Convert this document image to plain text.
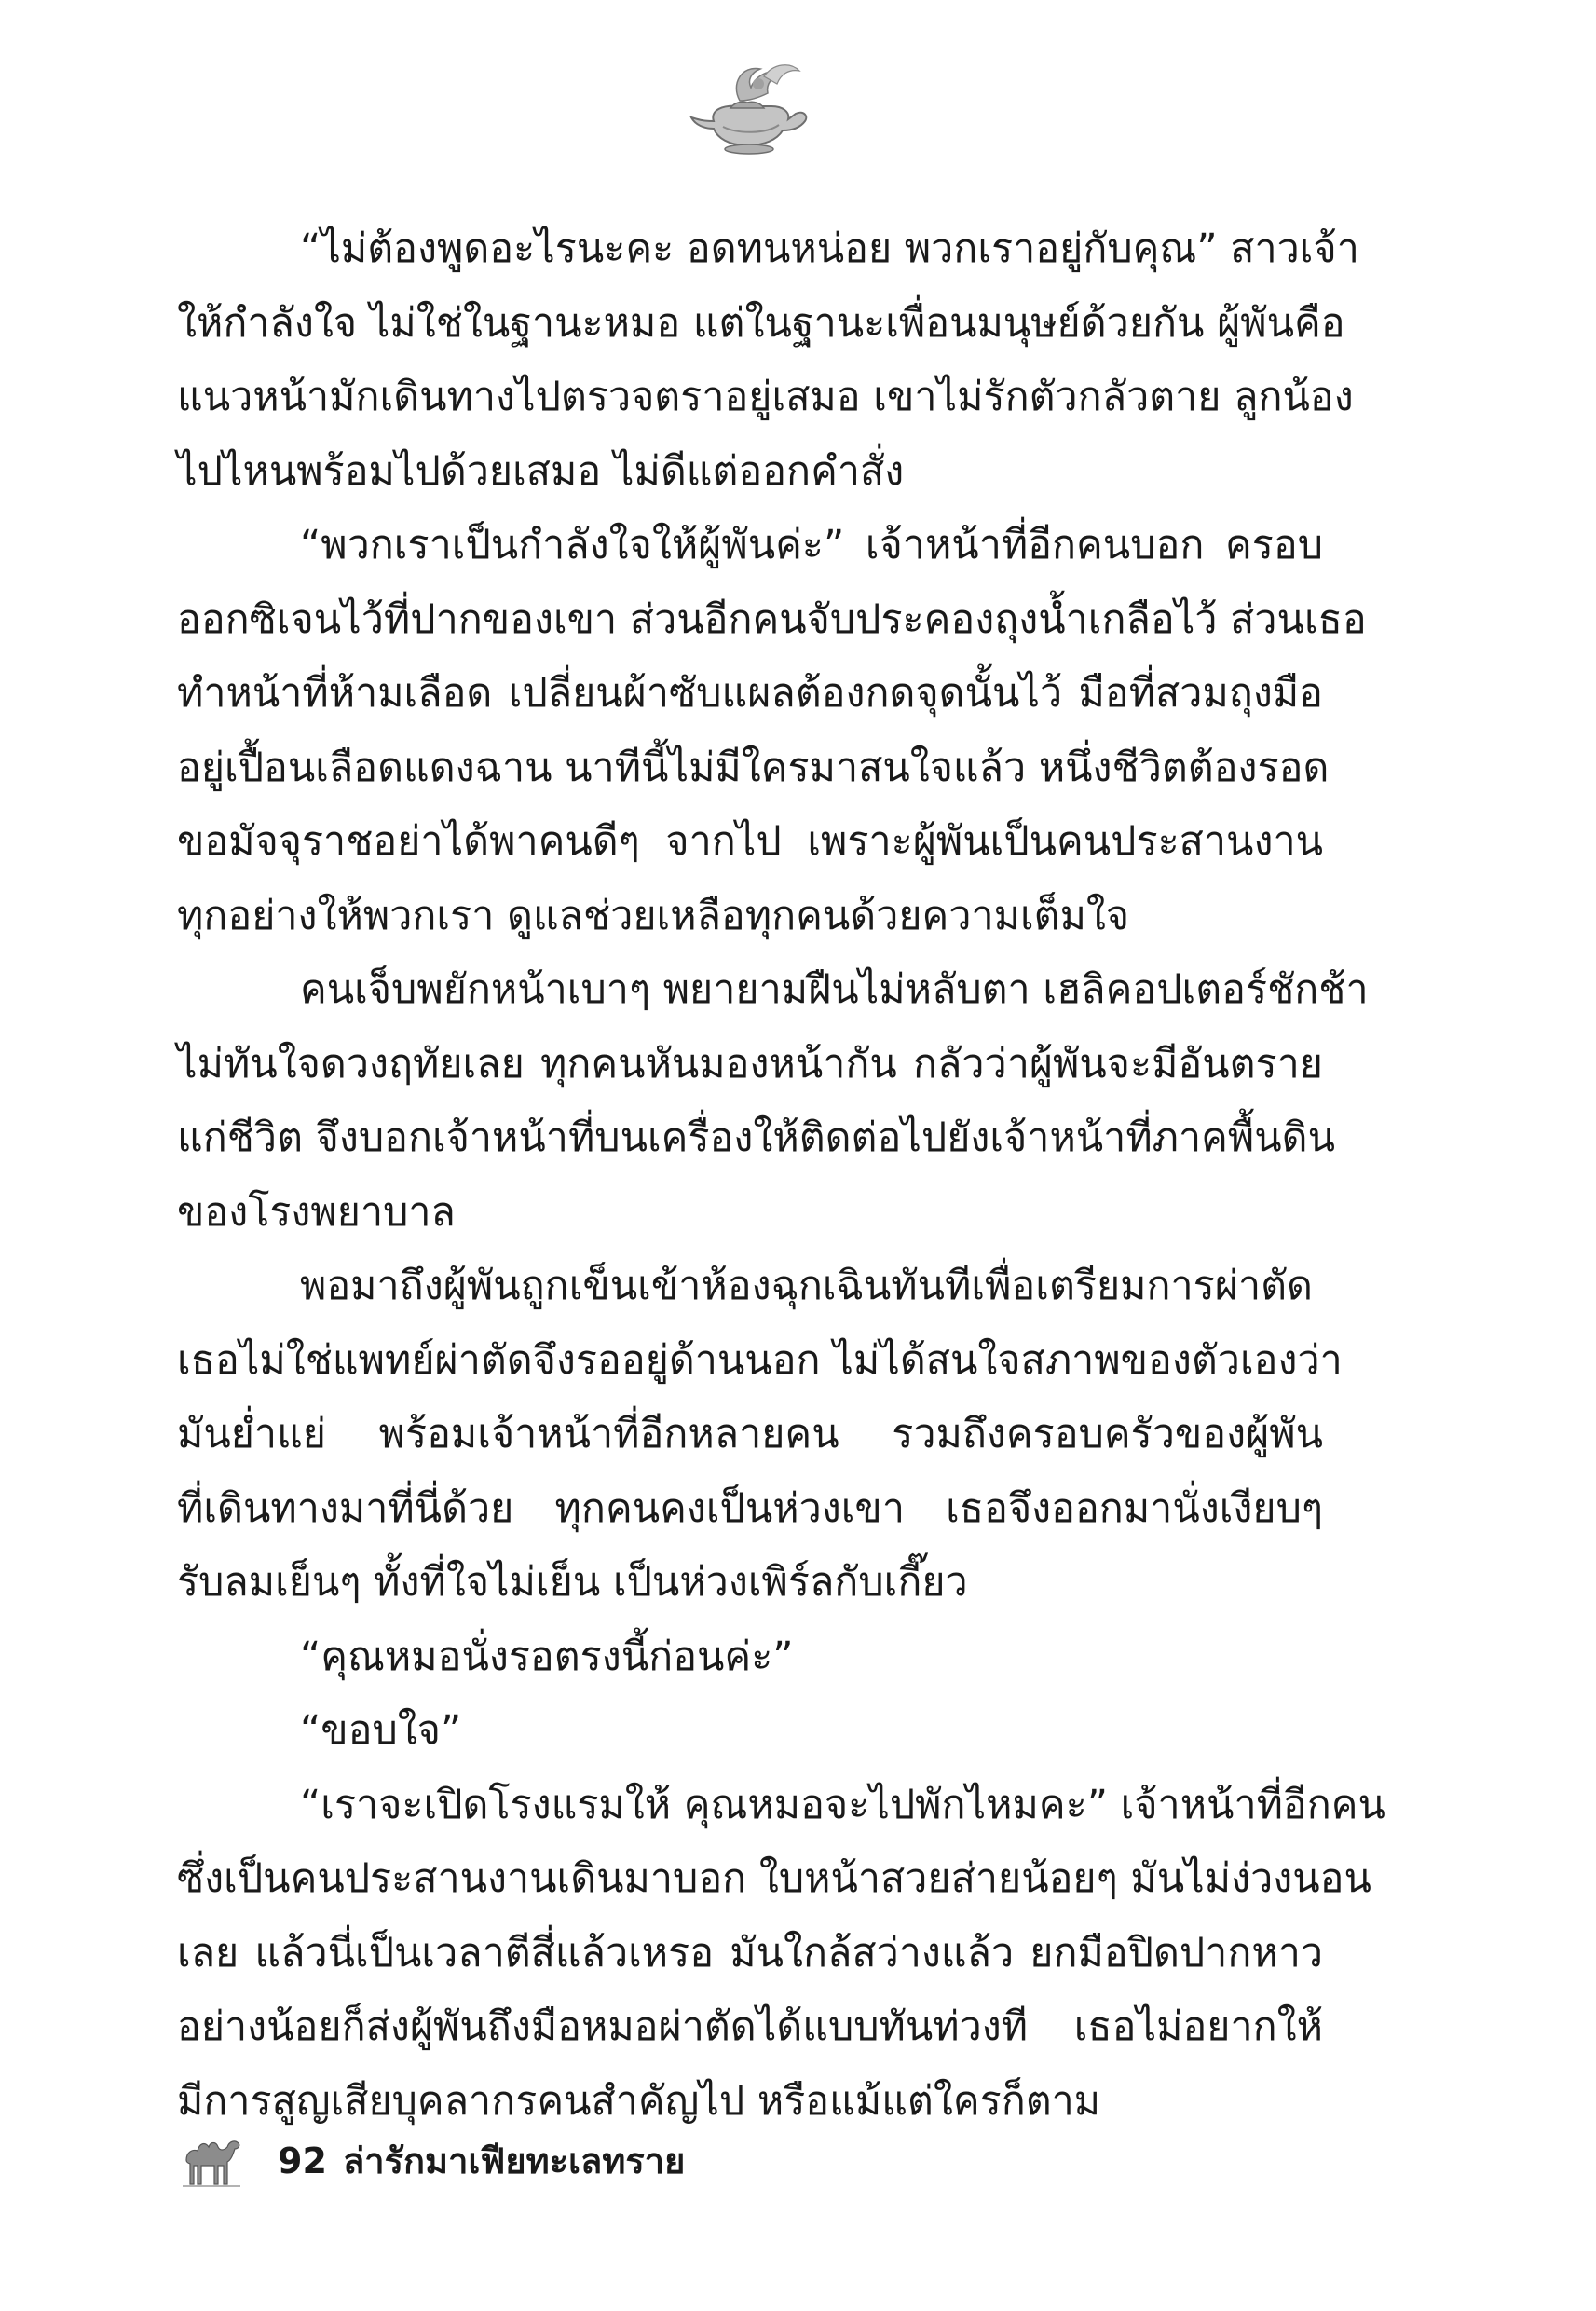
“ไม่ต้องพูดอะไรนะคะ อดทนหน่อย พวกเราอยู่กับคุณ” สาวเจ้า
ให้กำลังใจ ไม่ใช่ในฐานะหมอ แต่ในฐานะเพื่อนมนุษย์ด้วยกัน ผู้พันคือ
แนวหน้ามักเดินทางไปตรวจตราอยู่เสมอ เขาไม่รักตัวกลัวตาย ลูกน้อง
ไปไหนพร้อมไปด้วยเสมอ ไม่ดีแต่ออกคำสั่ง
“พวกเราเป็นกำลังใจให้ผู้พันค่ะ” เจ้าหน้าที่อีกคนบอก ครอบ
ออกซิเจนไว้ที่ปากของเขา ส่วนอีกคนจับประคองถุงน้ำเกลือไว้ ส่วนเธอ
ทำหน้าที่ห้ามเลือด เปลี่ยนผ้าซับแผลต้องกดจุดนั้นไว้ มือที่สวมถุงมือ
อยู่เปื้อนเลือดแดงฉาน นาทีนี้ไม่มีใครมาสนใจแล้ว หนึ่งชีวิตต้องรอด
ขอมัจจุราชอย่าได้พาคนดีๆ จากไป เพราะผู้พันเป็นคนประสานงาน
ทุกอย่างให้พวกเรา ดูแลช่วยเหลือทุกคนด้วยความเต็มใจ
คนเจ็บพยักหน้าเบาๆ พยายามฝืนไม่หลับตา เฮลิคอปเตอร์ชักช้า
ไม่ทันใจดวงฤทัยเลย ทุกคนหันมองหน้ากัน กลัวว่าผู้พันจะมีอันตราย
แก่ชีวิต จึงบอกเจ้าหน้าที่บนเครื่องให้ติดต่อไปยังเจ้าหน้าที่ภาคพื้นดิน
ของโรงพยาบาล
พอมาถึงผู้พันถูกเข็นเข้าห้องฉุกเฉินทันทีเพื่อเตรียมการผ่าตัด
เธอไม่ใช่แพทย์ผ่าตัดจึงรออยู่ด้านนอก ไม่ได้สนใจสภาพของตัวเองว่า
มันย่ำแย่ พร้อมเจ้าหน้าที่อีกหลายคน รวมถึงครอบครัวของผู้พัน
ที่เดินทางมาที่นี่ด้วย ทุกคนคงเป็นห่วงเขา เธอจึงออกมานั่งเงียบๆ
รับลมเย็นๆ ทั้งที่ใจไม่เย็น เป็นห่วงเพิร์ลกับเกี๊ยว
“คุณหมอนั่งรอตรงนี้ก่อนค่ะ”
“ขอบใจ”
“เราจะเปิดโรงแรมให้ คุณหมอจะไปพักไหมคะ” เจ้าหน้าที่อีกคน
ซึ่งเป็นคนประสานงานเดินมาบอก ใบหน้าสวยส่ายน้อยๆ มันไม่ง่วงนอน
เลย แล้วนี่เป็นเวลาตีสี่แล้วเหรอ มันใกล้สว่างแล้ว ยกมือปิดปากหาว
อย่างน้อยก็ส่งผู้พันถึงมือหมอผ่าตัดได้แบบทันท่วงที เธอไม่อยากให้
มีการสูญเสียบุคลากรคนสำคัญไป หรือแม้แต่ใครก็ตาม
92 ล่ารักมาเฟียทะเลทราย
